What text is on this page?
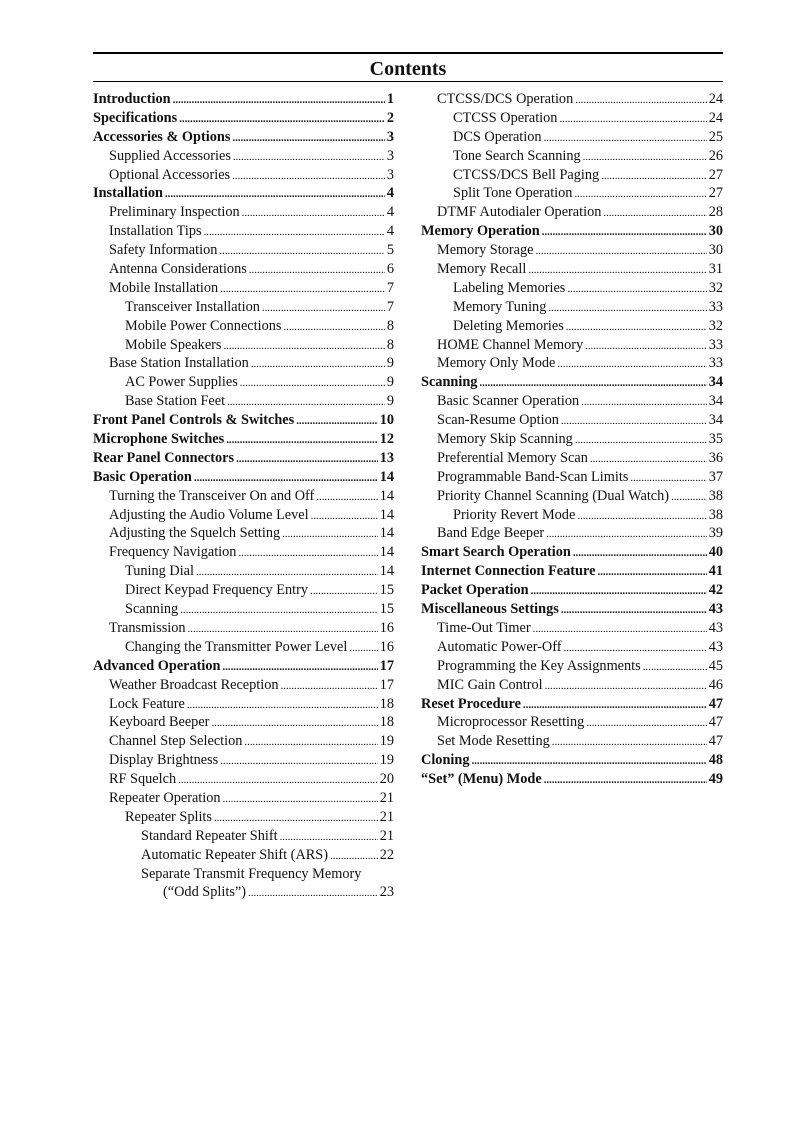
Contents
Introduction . . .	1
Specifications . . .	2
Accessories & Options . . .	3
Supplied Accessories . . .	3
Optional Accessories . . .	3
Installation . . .	4
Preliminary Inspection . . .	4
Installation Tips . . .	4
Safety Information . . .	5
Antenna Considerations . . .	6
Mobile Installation . . .	7
Transceiver Installation . . .	7
Mobile Power Connections . . .	8
Mobile Speakers . . .	8
Base Station Installation . . .	9
AC Power Supplies . . .	9
Base Station Feet . . .	9
Front Panel Controls & Switches . . .	10
Microphone Switches . . .	12
Rear Panel Connectors . . .	13
Basic Operation . . .	14
Turning the Transceiver On and Off . . .	14
Adjusting the Audio Volume Level . . .	14
Adjusting the Squelch Setting . . .	14
Frequency Navigation . . .	14
Tuning Dial . . .	14
Direct Keypad Frequency Entry . . .	15
Scanning . . .	15
Transmission . . .	16
Changing the Transmitter Power Level . . . 16
Advanced Operation . . .	17
Weather Broadcast Reception . . .	17
Lock Feature . . .	18
Keyboard Beeper . . .	18
Channel Step Selection . . .	19
Display Brightness . . .	19
RF Squelch . . .	20
Repeater Operation . . .	21
Repeater Splits . . .	21
Standard Repeater Shift . . .	21
Automatic Repeater Shift (ARS) . . .	22
Separate Transmit Frequency Memory
(“Odd Splits”) . . .	23
CTCSS/DCS Operation . . .	24
CTCSS Operation . . .	24
DCS Operation . . .	25
Tone Search Scanning . . .	26
CTCSS/DCS Bell Paging . . .	27
Split Tone Operation . . .	27
DTMF Autodialer Operation . . .	28
Memory Operation . . .	30
Memory Storage . . .	30
Memory Recall . . .	31
Labeling Memories . . .	32
Memory Tuning . . .	33
Deleting Memories . . .	32
HOME Channel Memory . . .	33
Memory Only Mode . . .	33
Scanning . . .	34
Basic Scanner Operation . . .	34
Scan-Resume Option . . .	34
Memory Skip Scanning . . .	35
Preferential Memory Scan . . .	36
Programmable Band-Scan Limits . . .	37
Priority Channel Scanning (Dual Watch) . . .	38
Priority Revert Mode . . .	38
Band Edge Beeper . . .	39
Smart Search Operation . . .	40
Internet Connection Feature . . .	41
Packet Operation . . .	42
Miscellaneous Settings . . .	43
Time-Out Timer . . .	43
Automatic Power-Off . . .	43
Programming the Key Assignments . . .	45
MIC Gain Control . . .	46
Reset Procedure . . .	47
Microprocessor Resetting . . .	47
Set Mode Resetting . . .	47
Cloning . . .	48
“Set” (Menu) Mode . . .	49
